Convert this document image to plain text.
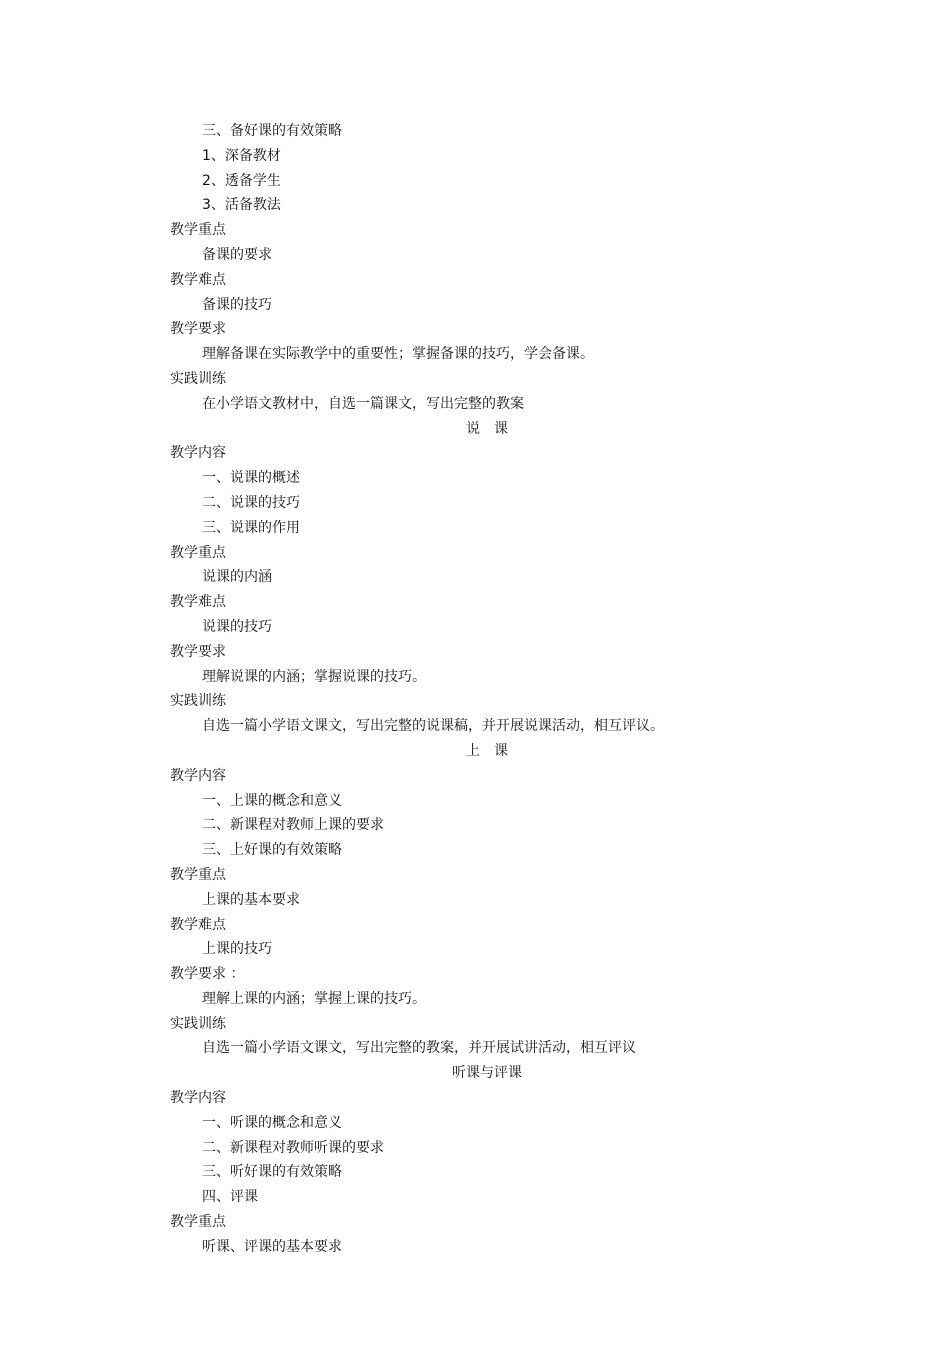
三、备好课的有效策略
1、深备教材
2、透备学生
3、活备教法
教学重点
备课的要求
教学难点
备课的技巧
教学要求
理解备课在实际教学中的重要性；掌握备课的技巧，学会备课。
实践训练
在小学语文教材中，自选一篇课文，写出完整的教案
说　课
教学内容
一、说课的概述
二、说课的技巧
三、说课的作用
教学重点
说课的内涵
教学难点
说课的技巧
教学要求
理解说课的内涵；掌握说课的技巧。
实践训练
自选一篇小学语文课文，写出完整的说课稿，并开展说课活动，相互评议。
上　课
教学内容
一、上课的概念和意义
二、新课程对教师上课的要求
三、上好课的有效策略
教学重点
上课的基本要求
教学难点
上课的技巧
教学要求 ：
理解上课的内涵；掌握上课的技巧。
实践训练
自选一篇小学语文课文，写出完整的教案，并开展试讲活动，相互评议
听课与评课
教学内容
一、听课的概念和意义
二、新课程对教师听课的要求
三、听好课的有效策略
四、评课
教学重点
听课、评课的基本要求
